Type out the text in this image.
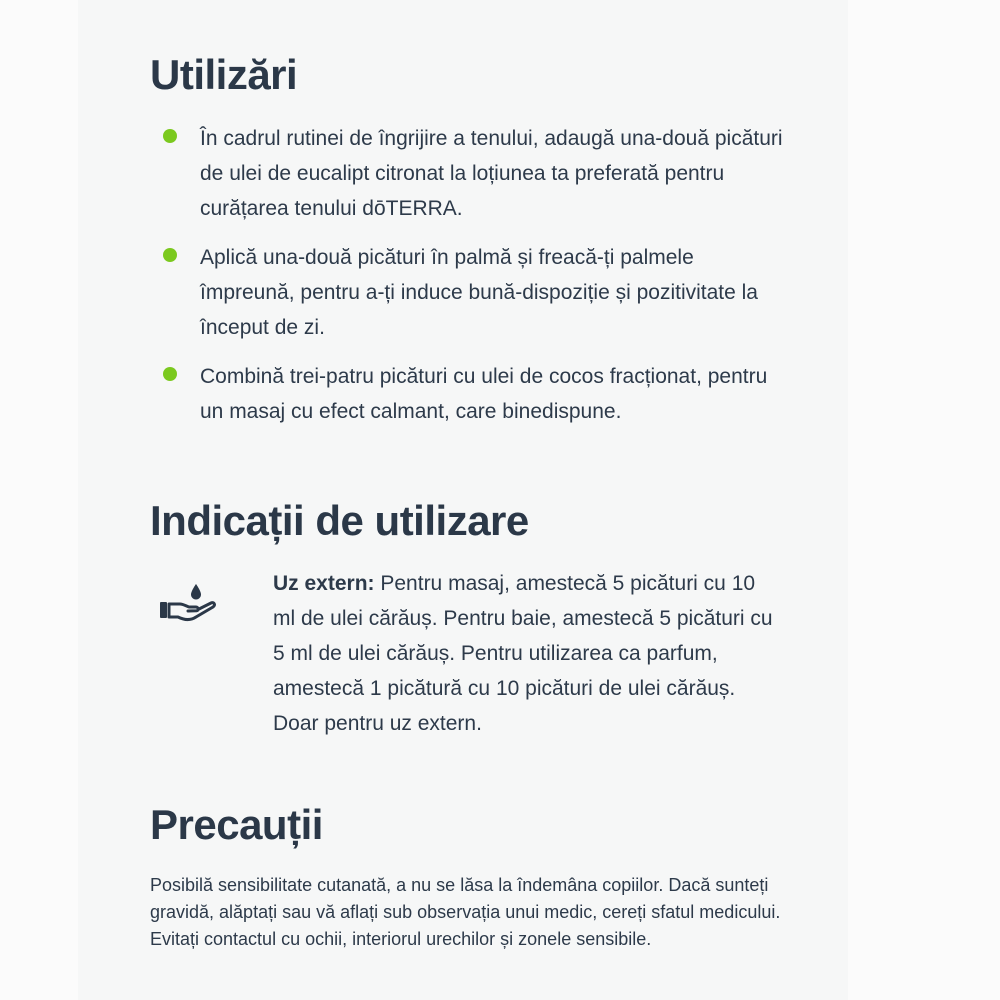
Utilizări
În cadrul rutinei de îngrijire a tenului, adaugă una-două picături de ulei de eucalipt citronat la loțiunea ta preferată pentru curățarea tenului dōTERRA.
Aplică una-două picături în palmă și freacă-ți palmele împreună, pentru a-ți induce bună-dispoziție și pozitivitate la început de zi.
Combină trei-patru picături cu ulei de cocos fracționat, pentru un masaj cu efect calmant, care binedispune.
Indicații de utilizare
Uz extern: Pentru masaj, amestecă 5 picături cu 10 ml de ulei cărăuș. Pentru baie, amestecă 5 picături cu 5 ml de ulei cărăuș. Pentru utilizarea ca parfum, amestecă 1 picătură cu 10 picături de ulei cărăuș. Doar pentru uz extern.
Precauții
Posibilă sensibilitate cutanată, a nu se lăsa la îndemâna copiilor. Dacă sunteți gravidă, alăptați sau vă aflați sub observația unui medic, cereți sfatul medicului. Evitați contactul cu ochii, interiorul urechilor și zonele sensibile.
